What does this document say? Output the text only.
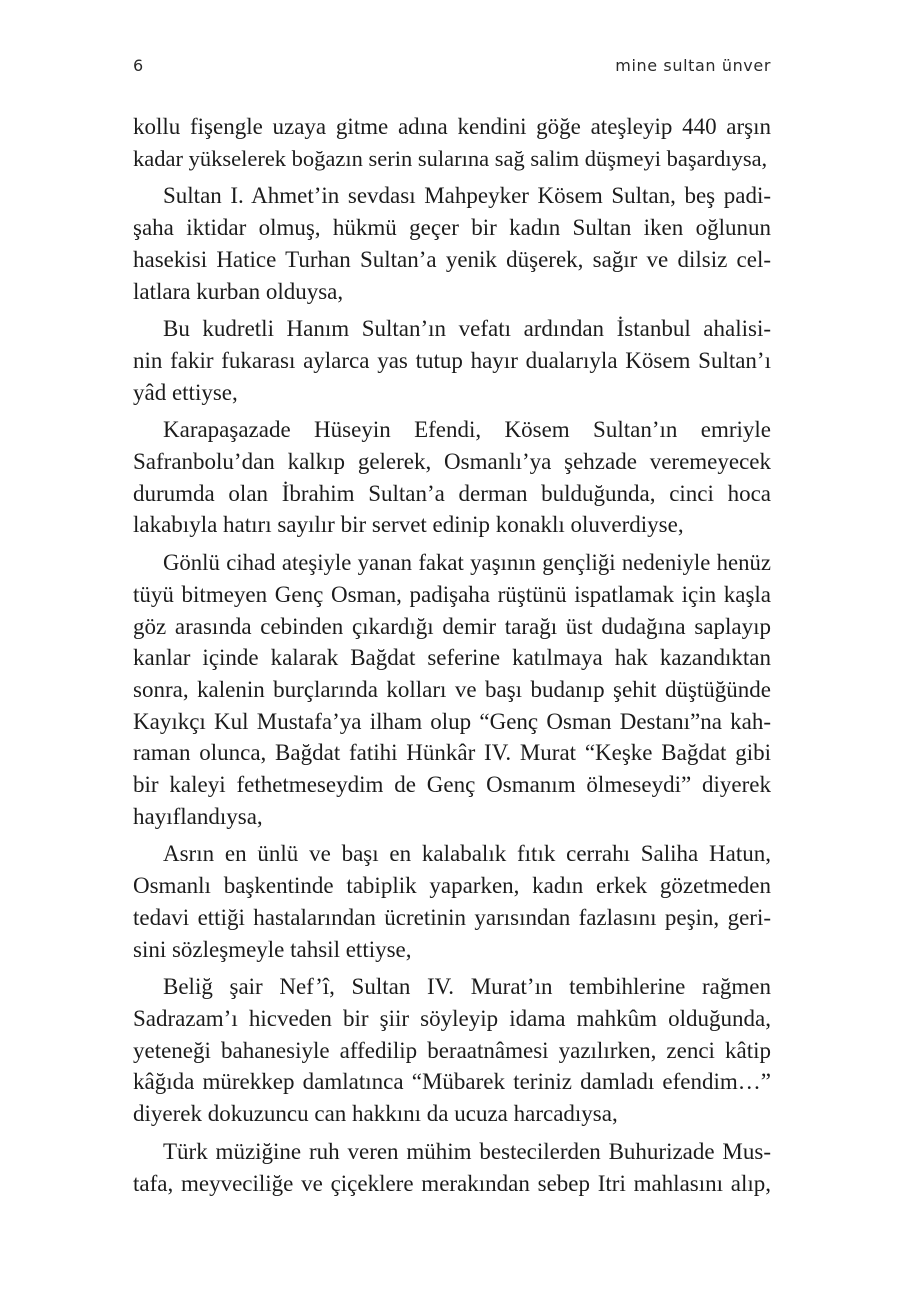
6	mine sultan ünver
kollu fişengle uzaya gitme adına kendini göğe ateşleyip 440 arşın
kadar yükselerek boğazın serin sularına sağ salim düşmeyi başardıysa,
Sultan I. Ahmet’in sevdası Mahpeyker Kösem Sultan, beş padi-
şaha iktidar olmuş, hükmü geçer bir kadın Sultan iken oğlunun
hasekisi Hatice Turhan Sultan’a yenik düşerek, sağır ve dilsiz cel-
latlara kurban olduysa,
Bu kudretli Hanım Sultan’ın vefatı ardından İstanbul ahalisi-
nin fakir fukarası aylarca yas tutup hayır dualarıyla Kösem Sultan’ı
yâd ettiyse,
Karapaşazade Hüseyin Efendi, Kösem Sultan’ın emriyle
Safranbolu’dan kalkıp gelerek, Osmanlı’ya şehzade veremeyecek
durumda olan İbrahim Sultan’a derman bulduğunda, cinci hoca
lakabıyla hatırı sayılır bir servet edinip konaklı oluverdiyse,
Gönlü cihad ateşiyle yanan fakat yaşının gençliği nedeniyle henüz
tüyü bitmeyen Genç Osman, padişaha rüştünü ispatlamak için kaşla
göz arasında cebinden çıkardığı demir tarağı üst dudağına saplayıp
kanlar içinde kalarak Bağdat seferine katılmaya hak kazandıktan
sonra, kalenin burçlarında kolları ve başı budanıp şehit düştüğünde
Kayıkçı Kul Mustafa’ya ilham olup “Genç Osman Destanı”na kah-
raman olunca, Bağdat fatihi Hünkâr IV. Murat “Keşke Bağdat gibi
bir kaleyi fethetmeseydim de Genç Osmanım ölmeseydi” diyerek
hayıflandıysa,
Asrın en ünlü ve başı en kalabalık fıtık cerrahı Saliha Hatun,
Osmanlı başkentinde tabiplik yaparken, kadın erkek gözetmeden
tedavi ettiği hastalarından ücretinin yarısından fazlasını peşin, geri-
sini sözleşmeyle tahsil ettiyse,
Beliğ şair Nef’î, Sultan IV. Murat’ın tembihlerine rağmen
Sadrazam’ı hicveden bir şiir söyleyip idama mahkûm olduğunda,
yeteneği bahanesiyle affedilip beraatnâmesi yazılırken, zenci kâtip
kâğıda mürekkep damlatınca “Mübarek teriniz damladı efendim…”
diyerek dokuzuncu can hakkını da ucuza harcadıysa,
Türk müziğine ruh veren mühim bestecilerden Buhurizade Mus-
tafa, meyveciliğe ve çiçeklere merakından sebep Itri mahlasını alıp,
